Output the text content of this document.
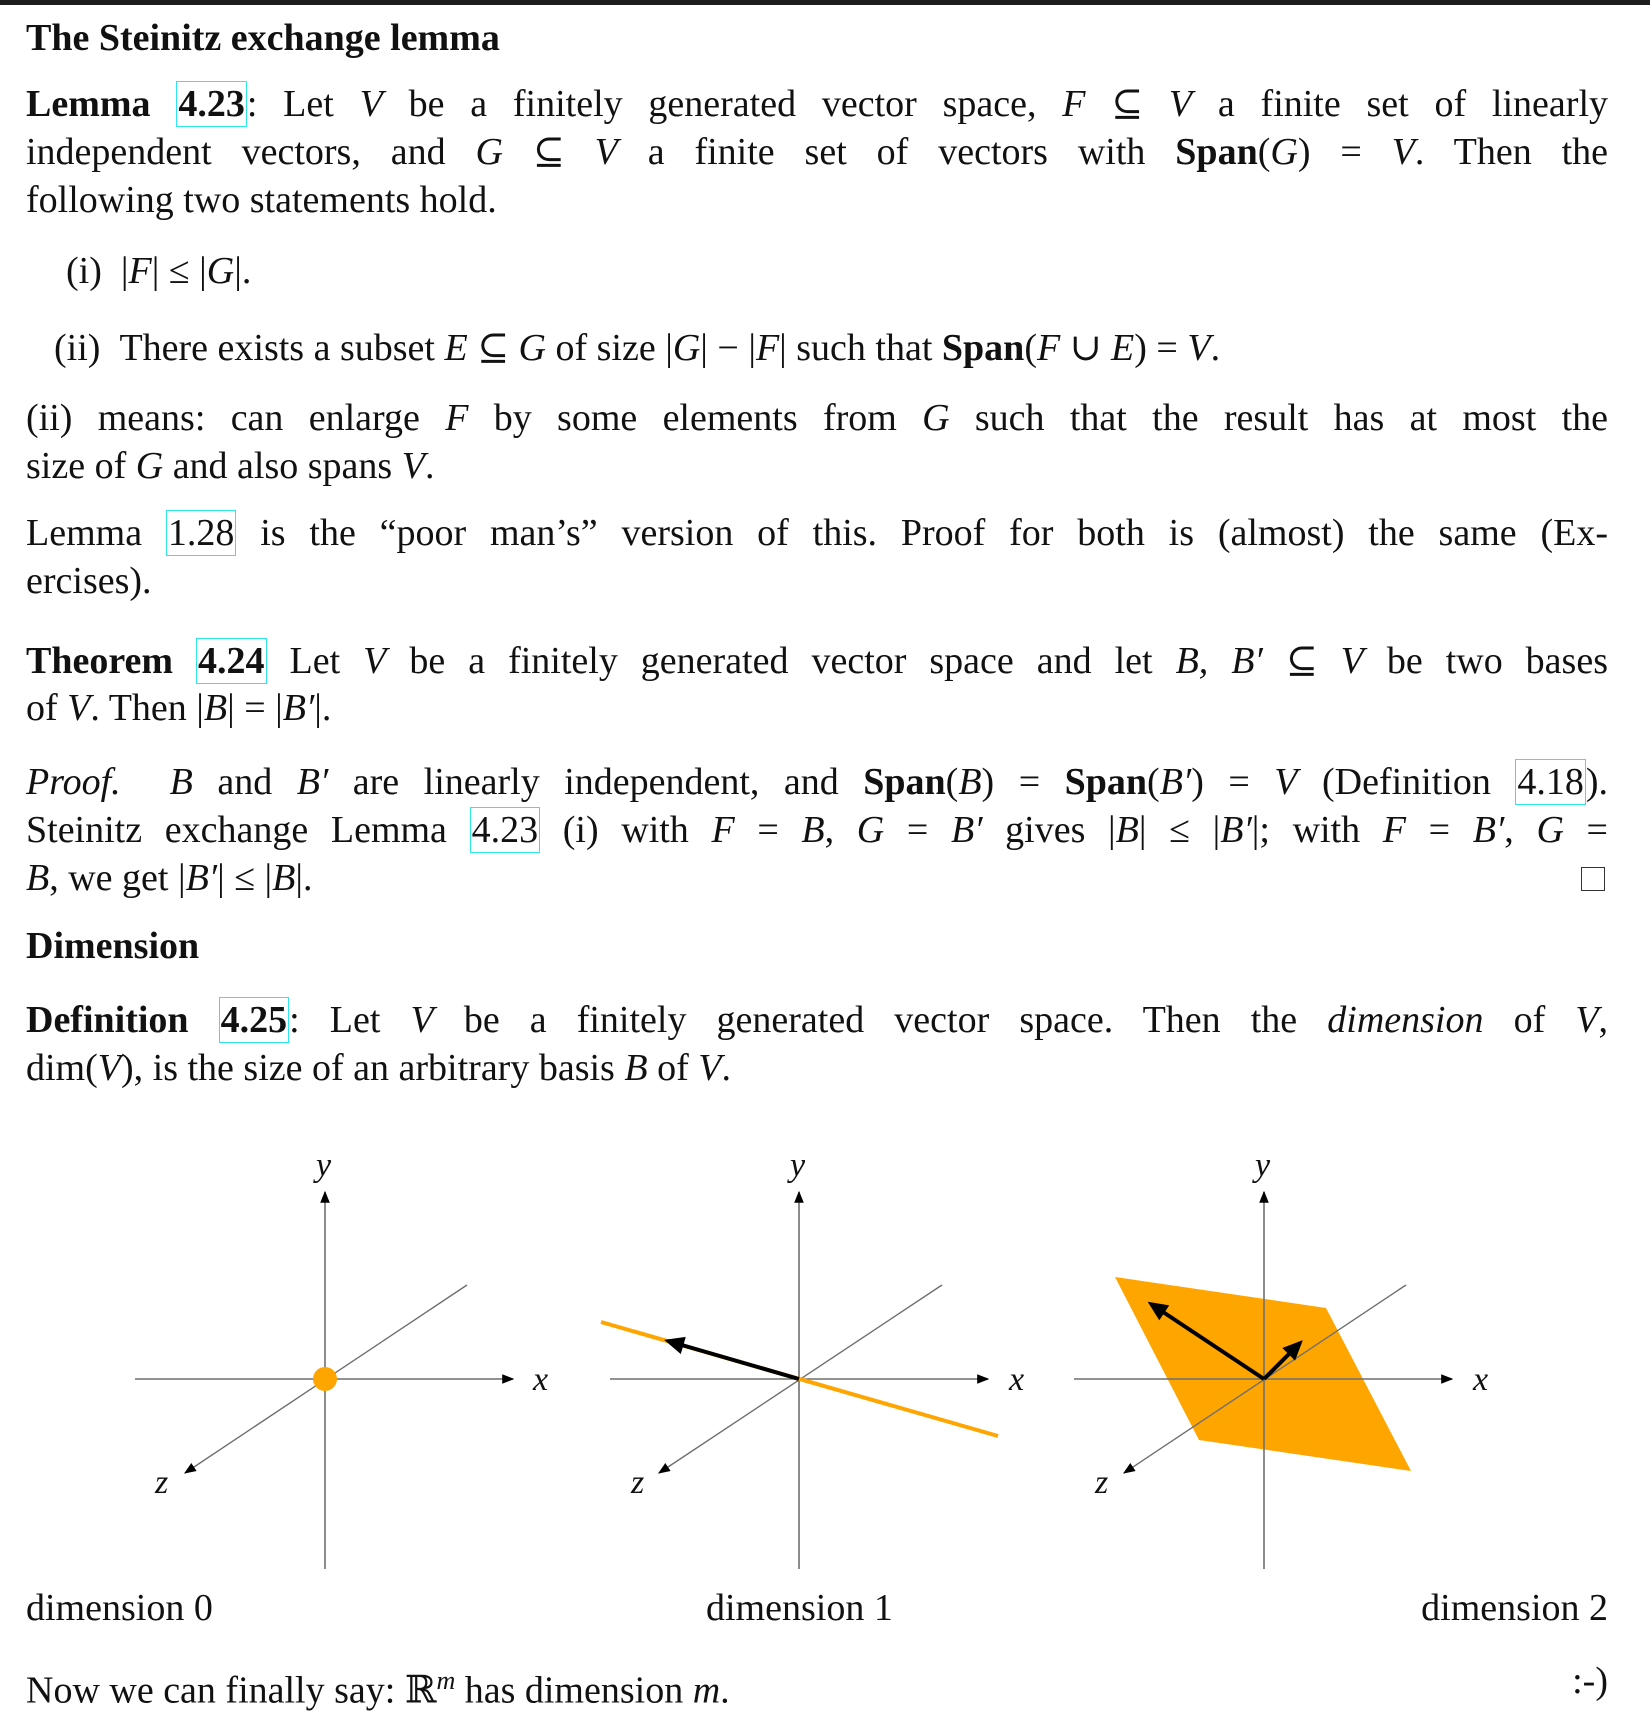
The Steinitz exchange lemma
Lemma 4.23: Let V be a finitely generated vector space, F ⊆ V a finite set of linearly
independent vectors, and G ⊆ V a finite set of vectors with Span(G) = V. Then the
following two statements hold.
(i) |F| ≤ |G|.
(ii) There exists a subset E ⊆ G of size |G| − |F| such that Span(F ∪ E) = V.
(ii) means: can enlarge F by some elements from G such that the result has at most the
size of G and also spans V.
Lemma 1.28 is the “poor man’s” version of this. Proof for both is (almost) the same (Ex-
ercises).
Theorem 4.24 Let V be a finitely generated vector space and let B, B′ ⊆ V be two bases
of V. Then |B| = |B′|.
Proof. B and B′ are linearly independent, and Span(B) = Span(B′) = V (Definition 4.18).
Steinitz exchange Lemma 4.23 (i) with F = B, G = B′ gives |B| ≤ |B′|; with F = B′, G =
B, we get |B′| ≤ |B|.
Dimension
Definition 4.25: Let V be a finitely generated vector space. Then the dimension of V,
dim(V), is the size of an arbitrary basis B of V.
y
x
z
y
x
z
y
x
z
dimension 0	dimension 1	dimension 2
Now we can finally say: ℝ$^m$ has dimension m.	:-)
